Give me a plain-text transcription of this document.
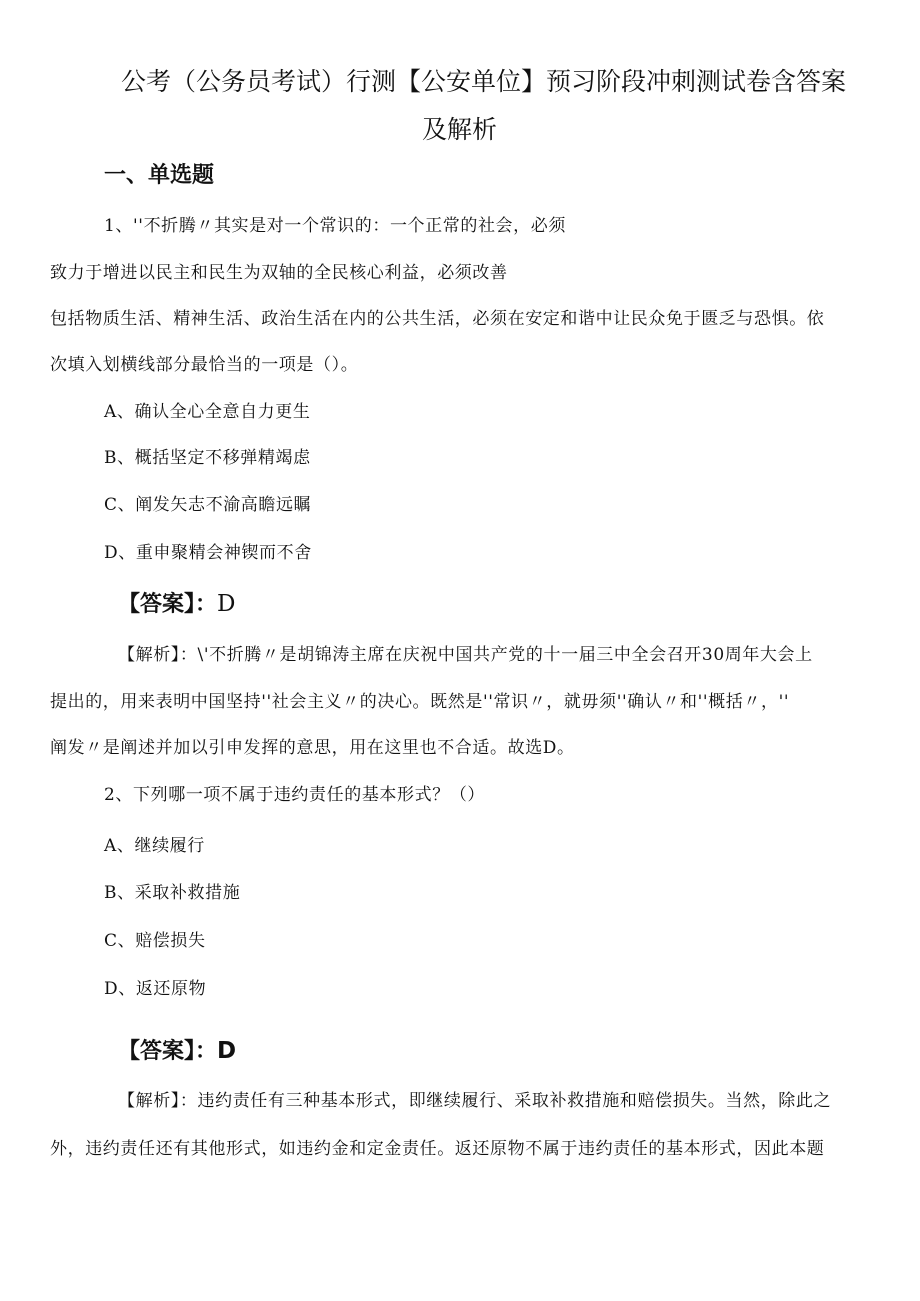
公考（公务员考试）行测【公安单位】预习阶段冲刺测试卷含答案
及解析
一、单选题
1、''不折腾〃其实是对一个常识的：一个正常的社会，必须
致力于增进以民主和民生为双轴的全民核心利益，必须改善
包括物质生活、精神生活、政治生活在内的公共生活，必须在安定和谐中让民众免于匮乏与恐惧。依
次填入划横线部分最恰当的一项是（）。
A、确认全心全意自力更生
B、概括坚定不移弹精竭虑
C、阐发矢志不渝高瞻远瞩
D、重申聚精会神锲而不舍
【答案】：D
【解析】：\'不折腾〃是胡锦涛主席在庆祝中国共产党的十一届三中全会召开30周年大会上
提出的，用来表明中国坚持''社会主义〃的决心。既然是''常识〃，就毋须''确认〃和''概括〃，''
阐发〃是阐述并加以引申发挥的意思，用在这里也不合适。故选D。
2、下列哪一项不属于违约责任的基本形式？（）
A、继续履行
B、采取补救措施
C、赔偿损失
D、返还原物
【答案】：D
【解析】：违约责任有三种基本形式，即继续履行、采取补救措施和赔偿损失。当然，除此之
外，违约责任还有其他形式，如违约金和定金责任。返还原物不属于违约责任的基本形式，因此本题
